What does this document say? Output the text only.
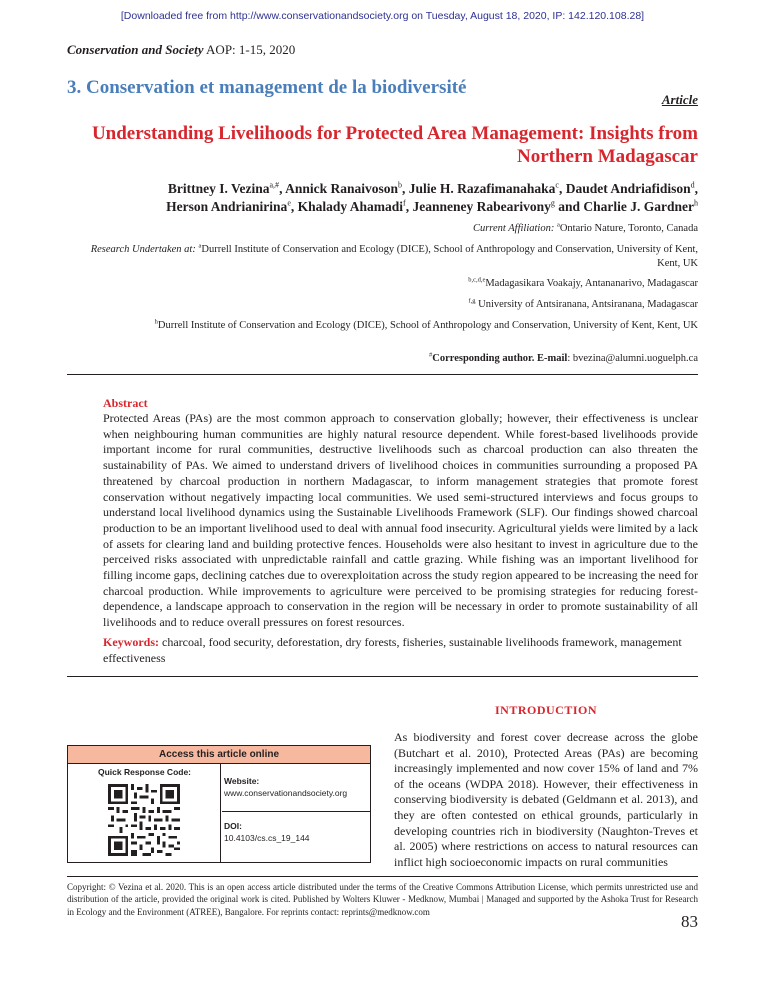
[Downloaded free from http://www.conservationandsociety.org on Tuesday, August 18, 2020, IP: 142.120.108.28]
Conservation and Society AOP: 1-15, 2020
3. Conservation et management de la biodiversité
Article
Understanding Livelihoods for Protected Area Management: Insights from Northern Madagascar
Brittney I. Vezina$^{a,\#}$, Annick Ranaivoson$^b$, Julie H. Razafimanahaka$^c$, Daudet Andriafidison$^d$,
Herson Andrianirina$^e$, Khalady Ahamadi$^f$, Jeanneney Rabearivony$^g$ and Charlie J. Gardner$^h$
Current Affiliation: $^a$Ontario Nature, Toronto, Canada
Research Undertaken at: $^a$Durrell Institute of Conservation and Ecology (DICE), School of Anthropology and Conservation, University of Kent, Kent, UK
$^{b,c,d,e}$Madagasikara Voakajy, Antananarivo, Madagascar
$^{f,g}$ University of Antsiranana, Antsiranana, Madagascar
$^h$Durrell Institute of Conservation and Ecology (DICE), School of Anthropology and Conservation, University of Kent, Kent, UK
#Corresponding author. E-mail: bvezina@alumni.uoguelph.ca
Abstract
Protected Areas (PAs) are the most common approach to conservation globally; however, their effectiveness is unclear when neighbouring human communities are highly natural resource dependent. While forest-based livelihoods provide important income for rural communities, destructive livelihoods such as charcoal production can also threaten the sustainability of PAs. We aimed to understand drivers of livelihood choices in communities surrounding a proposed PA threatened by charcoal production in northern Madagascar, to inform management strategies that promote forest conservation without negatively impacting local communities. We used semi-structured interviews and focus groups to understand local livelihood dynamics using the Sustainable Livelihoods Framework (SLF). Our findings showed charcoal production to be an important livelihood used to deal with annual food insecurity. Agricultural yields were limited by a lack of assets for clearing land and building protective fences. Households were also hesitant to invest in agriculture due to the perceived risks associated with unpredictable rainfall and cattle grazing. While fishing was an important livelihood for filling income gaps, declining catches due to overexploitation across the study region appeared to be increasing the need for charcoal production. While improvements to agriculture were perceived to be promising strategies for reducing forest-dependence, a landscape approach to conservation in the region will be necessary in order to promote sustainability of all livelihoods and to reduce overall pressures on forest resources.
Keywords: charcoal, food security, deforestation, dry forests, fisheries, sustainable livelihoods framework, management effectiveness
INTRODUCTION
As biodiversity and forest cover decrease across the globe (Butchart et al. 2010), Protected Areas (PAs) are becoming increasingly implemented and now cover 15% of land and 7% of the oceans (WDPA 2018). However, their effectiveness in conserving biodiversity is debated (Geldmann et al. 2013), and they are often contested on ethical grounds, particularly in developing countries rich in biodiversity (Naughton-Treves et al. 2005) where restrictions on access to natural resources can inflict high socioeconomic impacts on rural communities
Access this article online
Quick Response Code:
Website:
www.conservationandsociety.org
DOI:
10.4103/cs.cs_19_144
Copyright: © Vezina et al. 2020. This is an open access article distributed under the terms of the Creative Commons Attribution License, which permits unrestricted use and distribution of the article, provided the original work is cited. Published by Wolters Kluwer - Medknow, Mumbai | Managed and supported by the Ashoka Trust for Research in Ecology and the Environment (ATREE), Bangalore. For reprints contact: reprints@medknow.com
83
